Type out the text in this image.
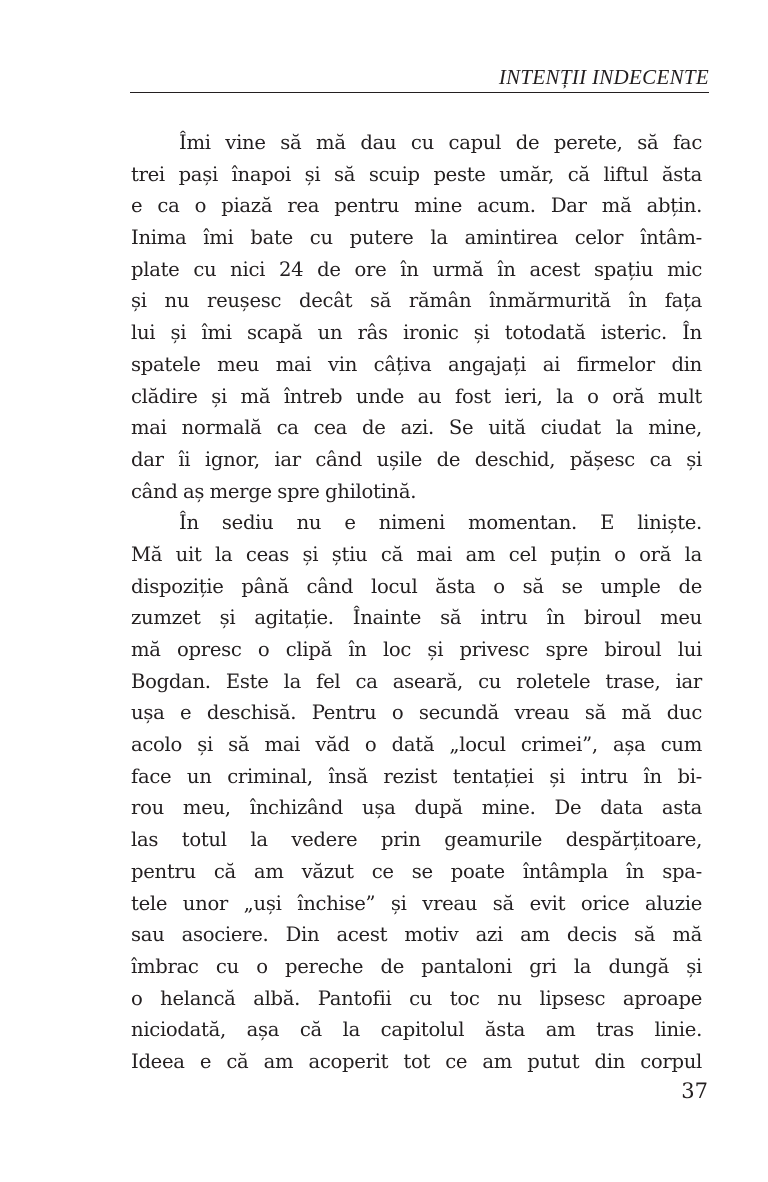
INTENȚII INDECENTE
Îmi vine să mă dau cu capul de perete, să fac
trei pași înapoi și să scuip peste umăr, că liftul ăsta
e ca o piază rea pentru mine acum. Dar mă abțin.
Inima îmi bate cu putere la amintirea celor întâm-
plate cu nici 24 de ore în urmă în acest spațiu mic
și nu reușesc decât să rămân înmărmurită în fața
lui și îmi scapă un râs ironic și totodată isteric. În
spatele meu mai vin câțiva angajați ai firmelor din
clădire și mă întreb unde au fost ieri, la o oră mult
mai normală ca cea de azi. Se uită ciudat la mine,
dar îi ignor, iar când ușile de deschid, pășesc ca și
când aș merge spre ghilotină.
În sediu nu e nimeni momentan. E liniște.
Mă uit la ceas și știu că mai am cel puțin o oră la
dispoziție până când locul ăsta o să se umple de
zumzet și agitație. Înainte să intru în biroul meu
mă opresc o clipă în loc și privesc spre biroul lui
Bogdan. Este la fel ca aseară, cu roletele trase, iar
ușa e deschisă. Pentru o secundă vreau să mă duc
acolo și să mai văd o dată „locul crimei”, așa cum
face un criminal, însă rezist tentației și intru în bi-
rou meu, închizând ușa după mine. De data asta
las totul la vedere prin geamurile despărțitoare,
pentru că am văzut ce se poate întâmpla în spa-
tele unor „uși închise” și vreau să evit orice aluzie
sau asociere. Din acest motiv azi am decis să mă
îmbrac cu o pereche de pantaloni gri la dungă și
o helancă albă. Pantofii cu toc nu lipsesc aproape
niciodată, așa că la capitolul ăsta am tras linie.
Ideea e că am acoperit tot ce am putut din corpul
37
